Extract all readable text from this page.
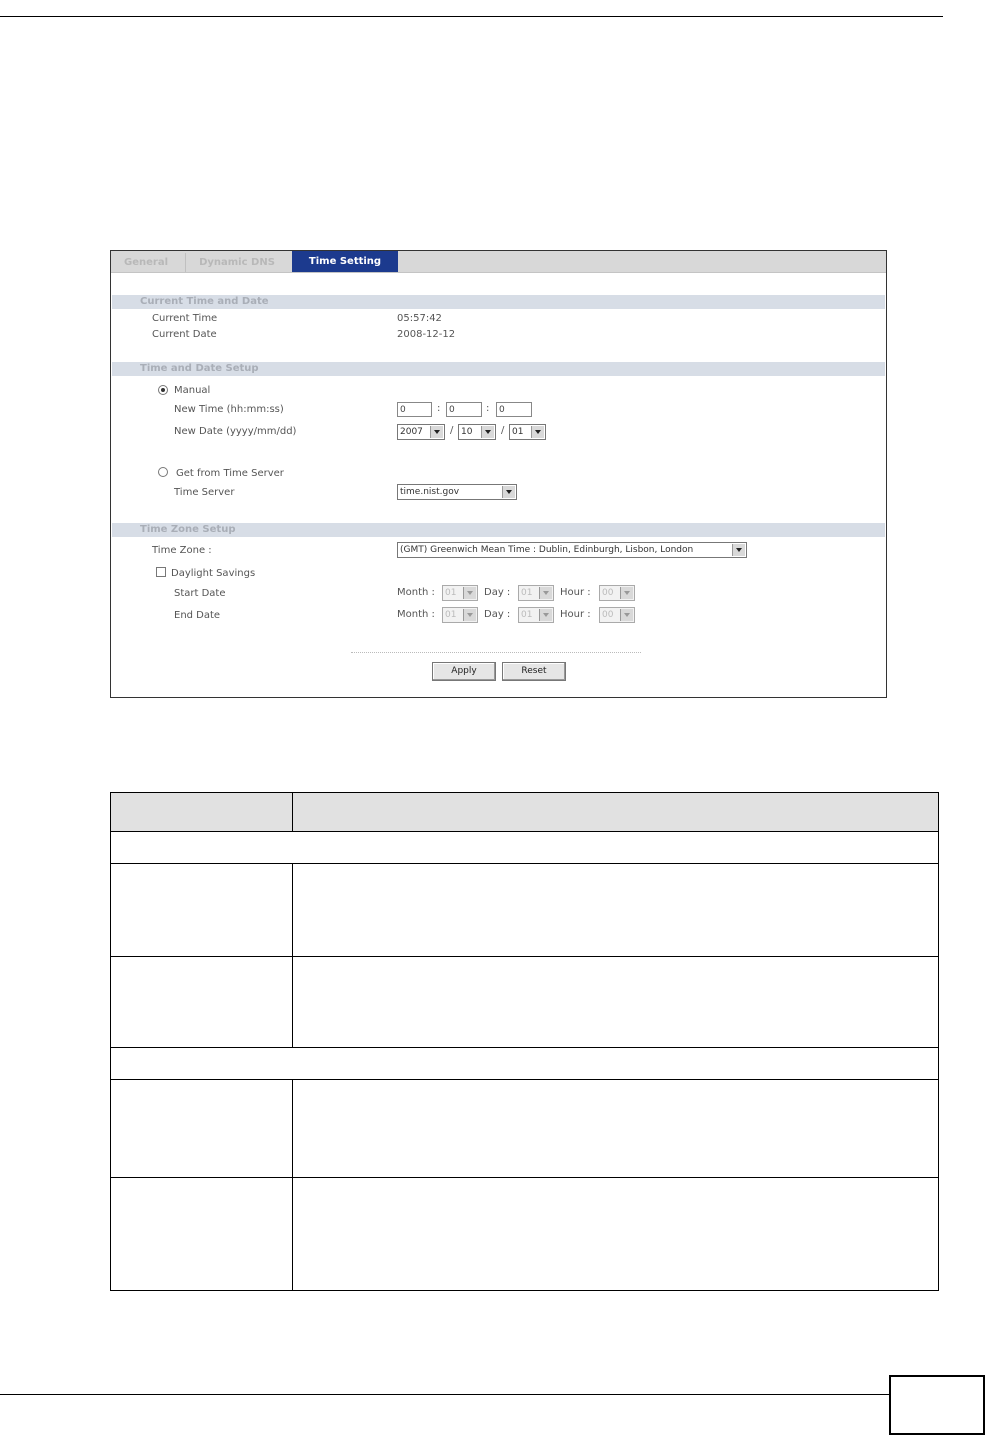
General	Dynamic DNS	Time Setting
Current Time and Date
Current Time	05:57:42
Current Date	2008-12-12
Time and Date Setup
Manual
New Time (hh:mm:ss)	0	: 0	:	0
New Date (yyyy/mm/dd)	2007	/ 10	/ 01
Get from Time Server
Time Server	time.nist.gov
Time Zone Setup
Time Zone :	(GMT) Greenwich Mean Time : Dublin, Edinburgh, Lisbon, London
Daylight Savings
Start Date	Month :	01	Day :	01	Hour :	00
End Date	Month :	01	Day :	01	Hour :	00
Apply	Reset
